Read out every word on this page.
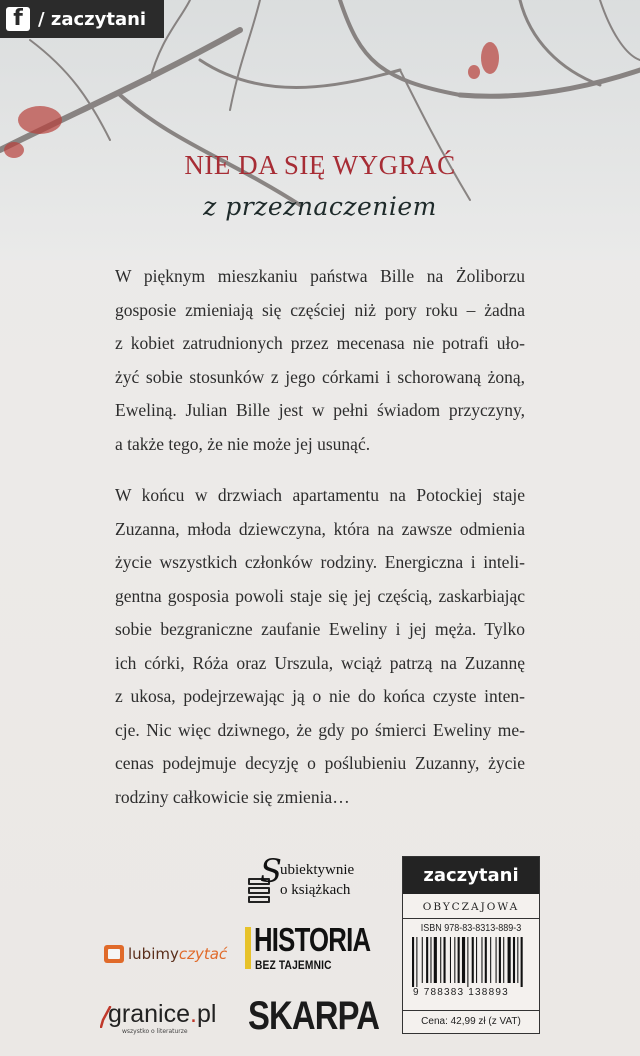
f / zaczytani
NIE DA SIĘ WYGRAĆ
z przeznaczeniem
W pięknym mieszkaniu państwa Bille na Żoliborzu
gosposie zmieniają się częściej niż pory roku – żadna
z kobiet zatrudnionych przez mecenasa nie potrafi uło-
żyć sobie stosunków z jego córkami i schorowaną żoną,
Eweliną. Julian Bille jest w pełni świadom przyczyny,
a także tego, że nie może jej usunąć.
W końcu w drzwiach apartamentu na Potockiej staje
Zuzanna, młoda dziewczyna, która na zawsze odmienia
życie wszystkich członków rodziny. Energiczna i inteli-
gentna gosposia powoli staje się jej częścią, zaskarbiając
sobie bezgraniczne zaufanie Eweliny i jej męża. Tylko
ich córki, Róża oraz Urszula, wciąż patrzą na Zuzannę
z ukosa, podejrzewając ją o nie do końca czyste inten-
cje. Nic więc dziwnego, że gdy po śmierci Eweliny me-
cenas podejmuje decyzję o poślubieniu Zuzanny, życie
rodziny całkowicie się zmienia…
S
ubiektywnie
o książkach
lubimy czytać HISTORIA
BEZ TAJEMNIC
granice.pl
wszystko o literaturze SKARPA
zaczytani
OBYCZAJOWA
ISBN 978-83-8313-889-3
9 788383 138893
Cena: 42,99 zł (z VAT)
